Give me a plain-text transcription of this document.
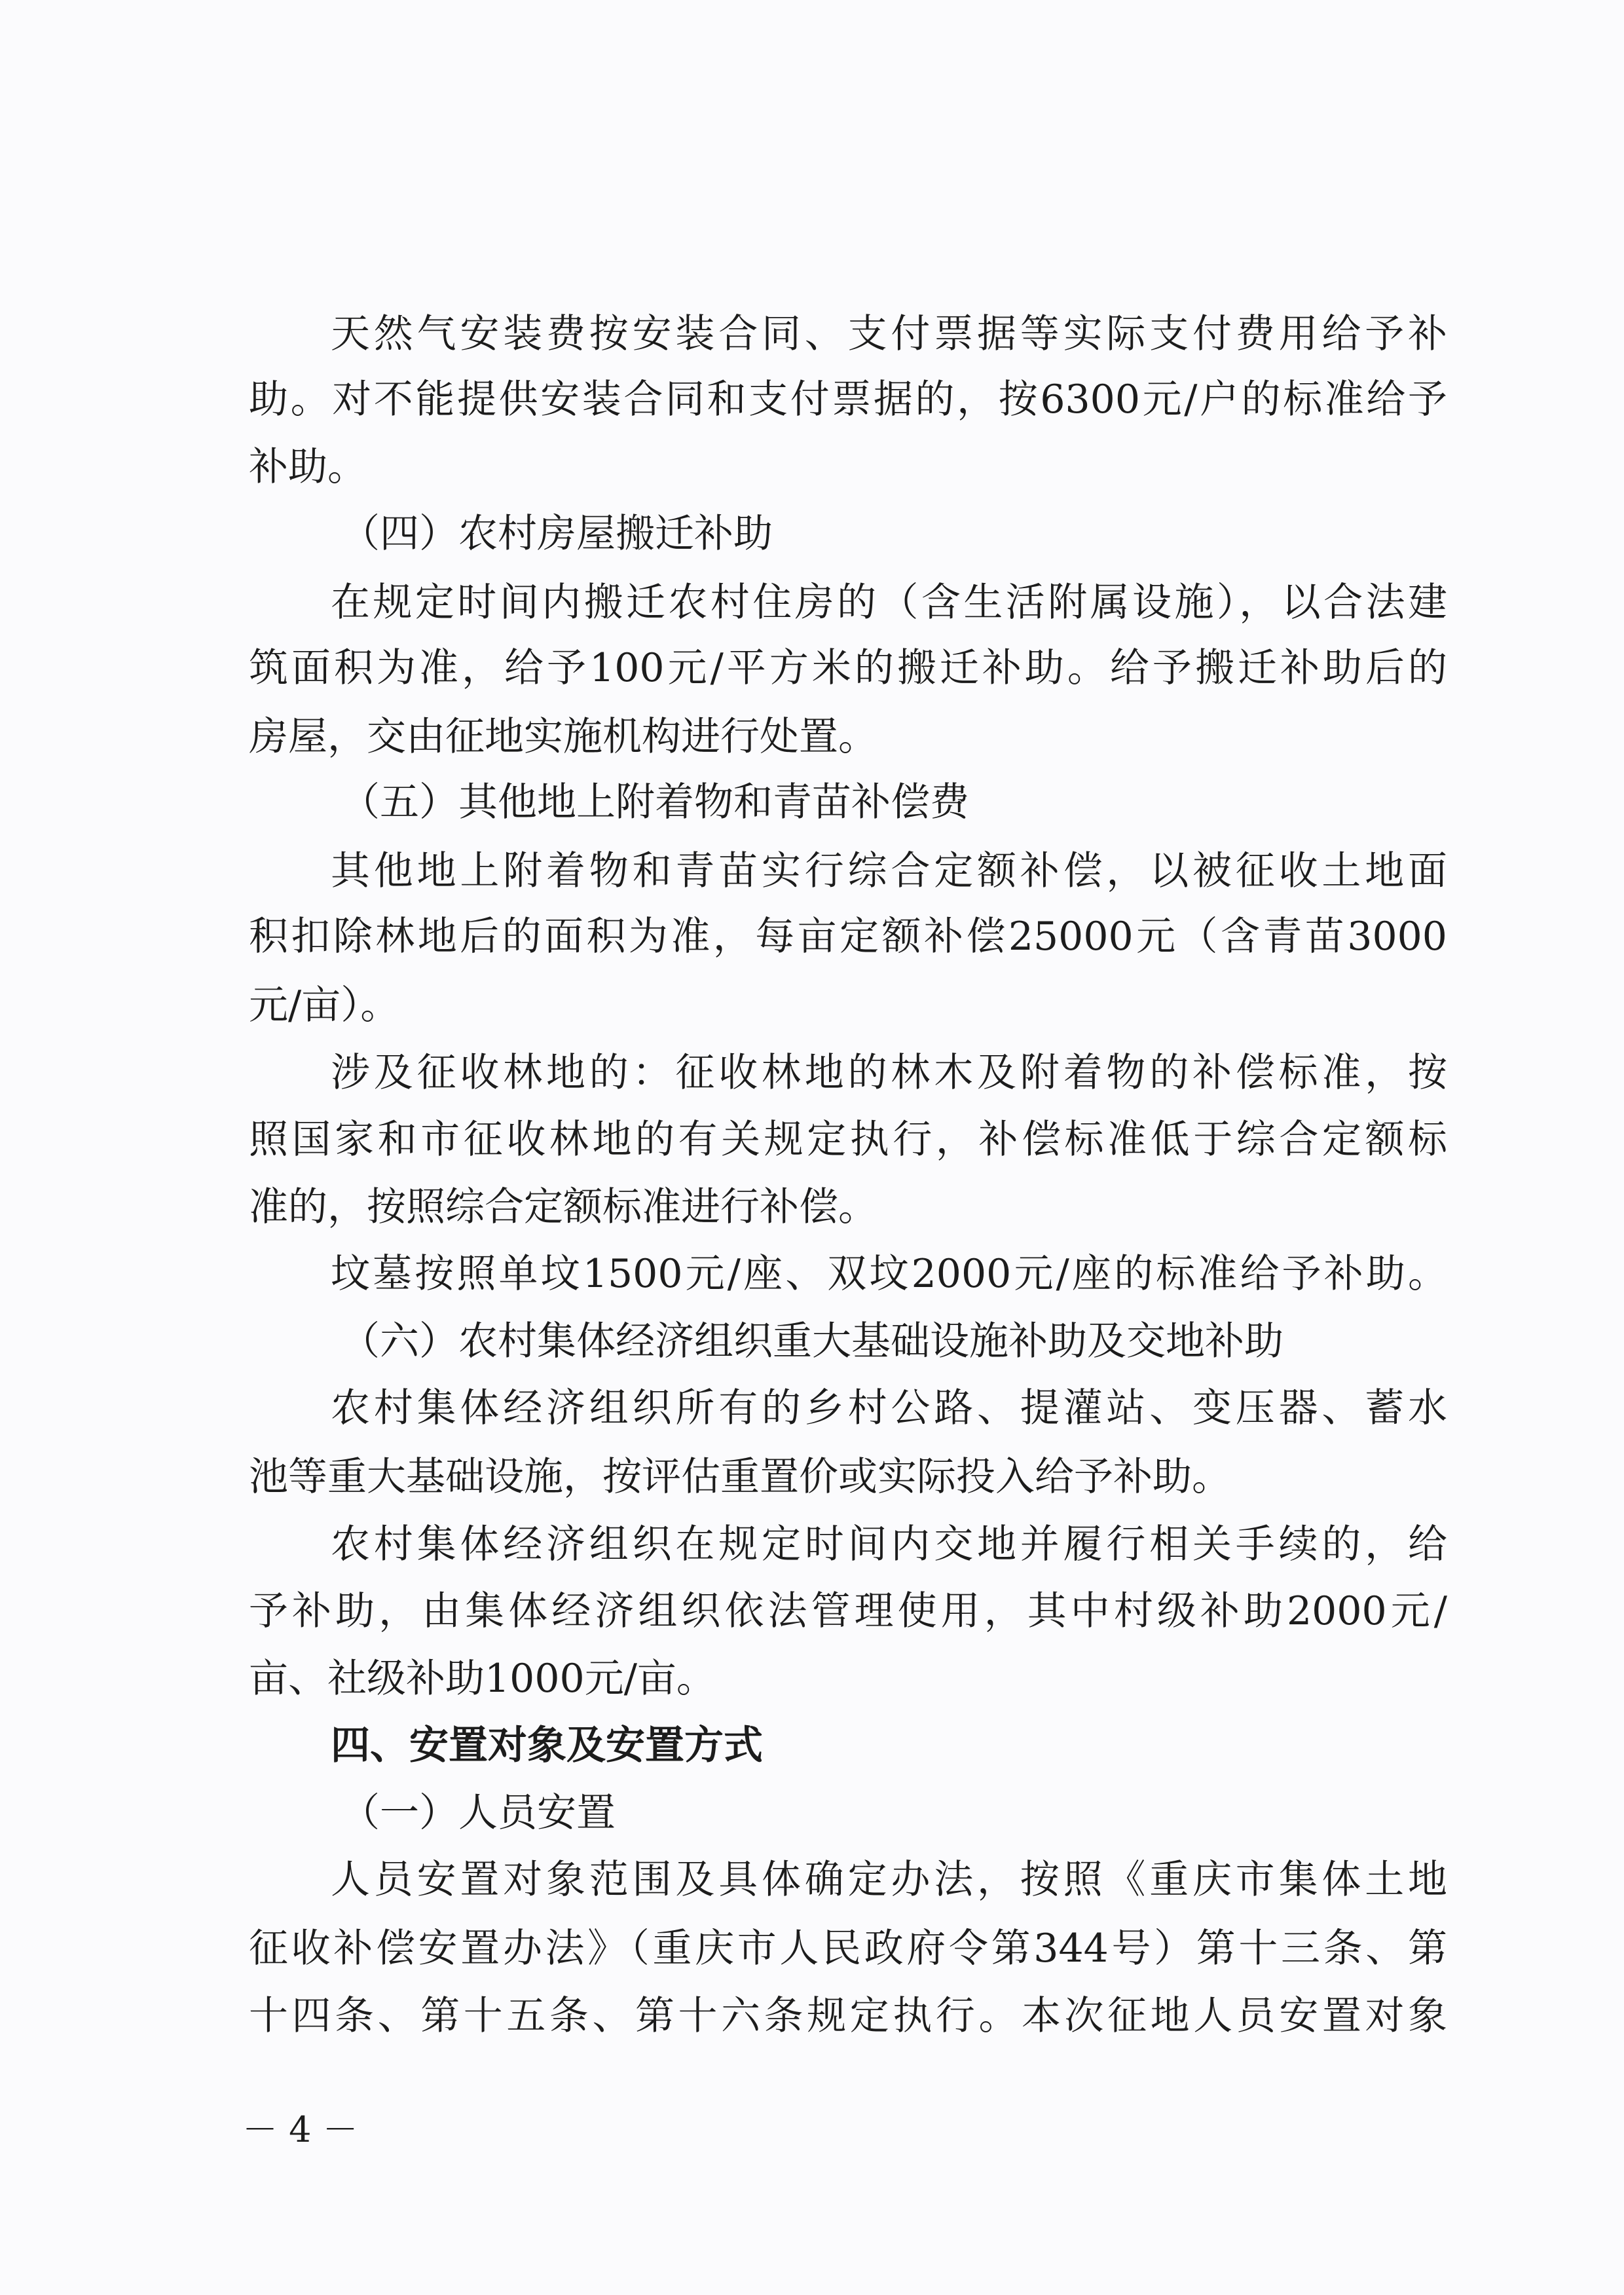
天然气安装费按安装合同、支付票据等实际支付费用给予补
助。对不能提供安装合同和支付票据的，按6300元/户的标准给予
补助。
（四）农村房屋搬迁补助
在规定时间内搬迁农村住房的（含生活附属设施），以合法建
筑面积为准，给予100元/平方米的搬迁补助。给予搬迁补助后的
房屋，交由征地实施机构进行处置。
（五）其他地上附着物和青苗补偿费
其他地上附着物和青苗实行综合定额补偿，以被征收土地面
积扣除林地后的面积为准，每亩定额补偿25000元（含青苗3000
元/亩）。
涉及征收林地的：征收林地的林木及附着物的补偿标准，按
照国家和市征收林地的有关规定执行，补偿标准低于综合定额标
准的，按照综合定额标准进行补偿。
坟墓按照单坟1500元/座、双坟2000元/座的标准给予补助。
（六）农村集体经济组织重大基础设施补助及交地补助
农村集体经济组织所有的乡村公路、提灌站、变压器、蓄水
池等重大基础设施，按评估重置价或实际投入给予补助。
农村集体经济组织在规定时间内交地并履行相关手续的，给
予补助，由集体经济组织依法管理使用，其中村级补助2000元/
亩、社级补助1000元/亩。
四、安置对象及安置方式
（一）人员安置
人员安置对象范围及具体确定办法，按照《重庆市集体土地
征收补偿安置办法》（重庆市人民政府令第344号）第十三条、第
十四条、第十五条、第十六条规定执行。本次征地人员安置对象
－ 4 －
